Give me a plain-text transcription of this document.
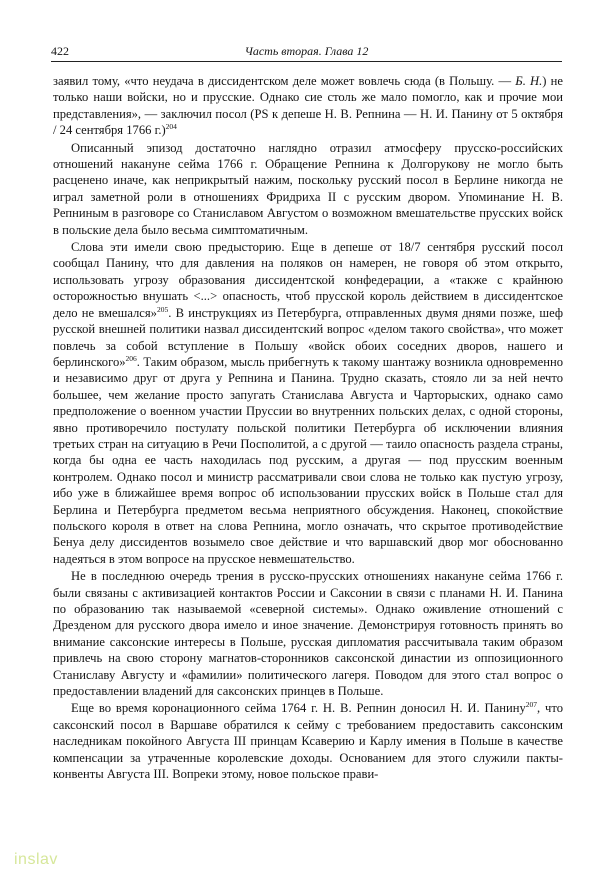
422	Часть вторая. Глава 12

заявил тому, «что неудача в диссидентском деле может вовлечь сюда (в Польшу. — Б. Н.) не только наши войски, но и прусские. Однако сие столь же мало помогло, как и прочие мои представления», — заключил посол (PS к депеше Н. В. Репнина — Н. И. Панину от 5 октября / 24 сентября 1766 г.)$^{204}$

Описанный эпизод достаточно наглядно отразил атмосферу прусско-российских отношений накануне сейма 1766 г. Обращение Репнина к Долгорукову не могло быть расценено иначе, как неприкрытый нажим, поскольку русский посол в Берлине никогда не играл заметной роли в отношениях Фридриха II с русским двором. Упоминание Н. В. Репниным в разговоре со Станиславом Августом о возможном вмешательстве прусских войск в польские дела было весьма симптоматичным.

Слова эти имели свою предысторию. Еще в депеше от 18/7 сентября русский посол сообщал Панину, что для давления на поляков он намерен, не говоря об этом открыто, использовать угрозу образования диссидентской конфедерации, а «также с крайнюю осторожностью внушать <...> опасность, чтоб прусской король действием в диссидентское дело не вмешался»$^{205}$. В инструкциях из Петербурга, отправленных двумя днями позже, шеф русской внешней политики назвал диссидентский вопрос «делом такого свойства», что может повлечь за собой вступление в Польшу «войск обоих соседних дворов, нашего и берлинского»$^{206}$. Таким образом, мысль прибегнуть к такому шантажу возникла одновременно и независимо друг от друга у Репнина и Панина. Трудно сказать, стояло ли за ней нечто большее, чем желание просто запугать Станислава Августа и Чарторыских, однако само предположение о военном участии Пруссии во внутренних польских делах, с одной стороны, явно противоречило постулату польской политики Петербурга об исключении влияния третьих стран на ситуацию в Речи Посполитой, а с другой — таило опасность раздела страны, когда бы одна ее часть находилась под русским, а другая — под прусским военным контролем. Однако посол и министр рассматривали свои слова не только как пустую угрозу, ибо уже в ближайшее время вопрос об использовании прусских войск в Польше стал для Берлина и Петербурга предметом весьма неприятного обсуждения. Наконец, спокойствие польского короля в ответ на слова Репнина, могло означать, что скрытое противодействие Бенуа делу диссидентов возымело свое действие и что варшавский двор мог обоснованно надеяться в этом вопросе на прусское невмешательство.

Не в последнюю очередь трения в русско-прусских отношениях накануне сейма 1766 г. были связаны с активизацией контактов России и Саксонии в связи с планами Н. И. Панина по образованию так называемой «северной системы». Однако оживление отношений с Дрезденом для русского двора имело и иное значение. Демонстрируя готовность принять во внимание саксонские интересы в Польше, русская дипломатия рассчитывала таким образом привлечь на свою сторону магнатов-сторонников саксонской династии из оппозиционного Станиславу Августу и «фамилии» политического лагеря. Поводом для этого стал вопрос о предоставлении владений для саксонских принцев в Польше.

Еще во время коронационного сейма 1764 г. Н. В. Репнин доносил Н. И. Панину$^{207}$, что саксонский посол в Варшаве обратился к сейму с требованием предоставить саксонским наследникам покойного Августа III принцам Ксаверию и Карлу имения в Польше в качестве компенсации за утраченные королевские доходы. Основанием для этого служили пакты-конвенты Августа III. Вопреки этому, новое польское прави-

inslav
